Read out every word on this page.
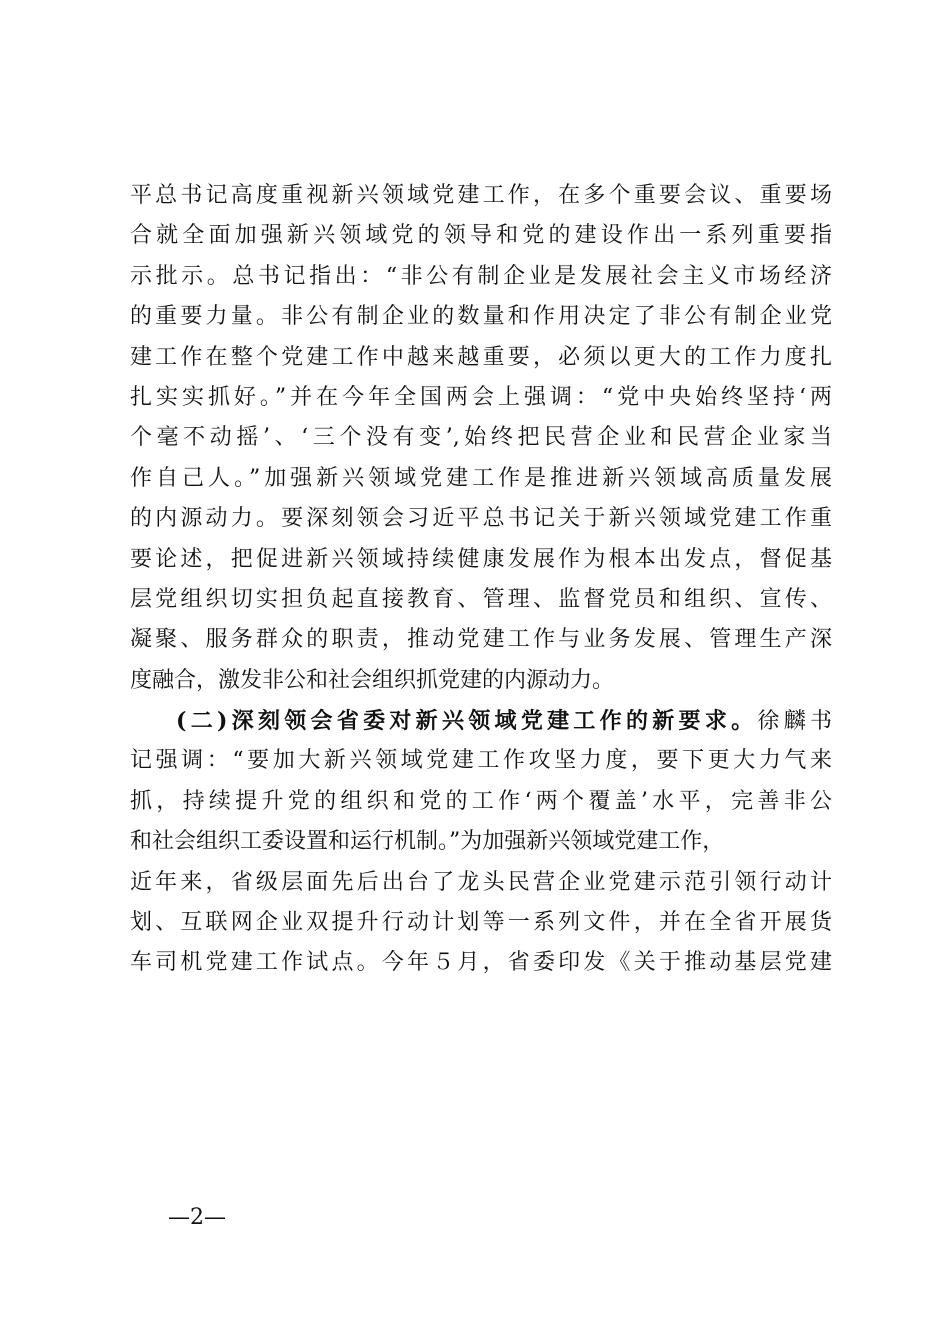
平总书记高度重视新兴领域党建工作，在多个重要会议、重要场
合就全面加强新兴领域党的领导和党的建设作出一系列重要指
示批示。总书记指出：“非公有制企业是发展社会主义市场经济
的重要力量。非公有制企业的数量和作用决定了非公有制企业党
建工作在整个党建工作中越来越重要，必须以更大的工作力度扎
扎实实抓好。”并在今年全国两会上强调：“党中央始终坚持‘两
个毫不动摇’、‘三个没有变’,始终把民营企业和民营企业家当
作自己人。”加强新兴领域党建工作是推进新兴领域高质量发展
的内源动力。要深刻领会习近平总书记关于新兴领域党建工作重
要论述，把促进新兴领域持续健康发展作为根本出发点，督促基
层党组织切实担负起直接教育、管理、监督党员和组织、宣传、
凝聚、服务群众的职责，推动党建工作与业务发展、管理生产深
度融合，激发非公和社会组织抓党建的内源动力。
(二)深刻领会省委对新兴领域党建工作的新要求。徐麟书
记强调：“要加大新兴领域党建工作攻坚力度，要下更大力气来
抓，持续提升党的组织和党的工作‘两个覆盖’水平，完善非公
和社会组织工委设置和运行机制。”为加强新兴领域党建工作，
近年来，省级层面先后出台了龙头民营企业党建示范引领行动计
划、互联网企业双提升行动计划等一系列文件，并在全省开展货
车司机党建工作试点。今年５月，省委印发《关于推动基层党建
—2—
